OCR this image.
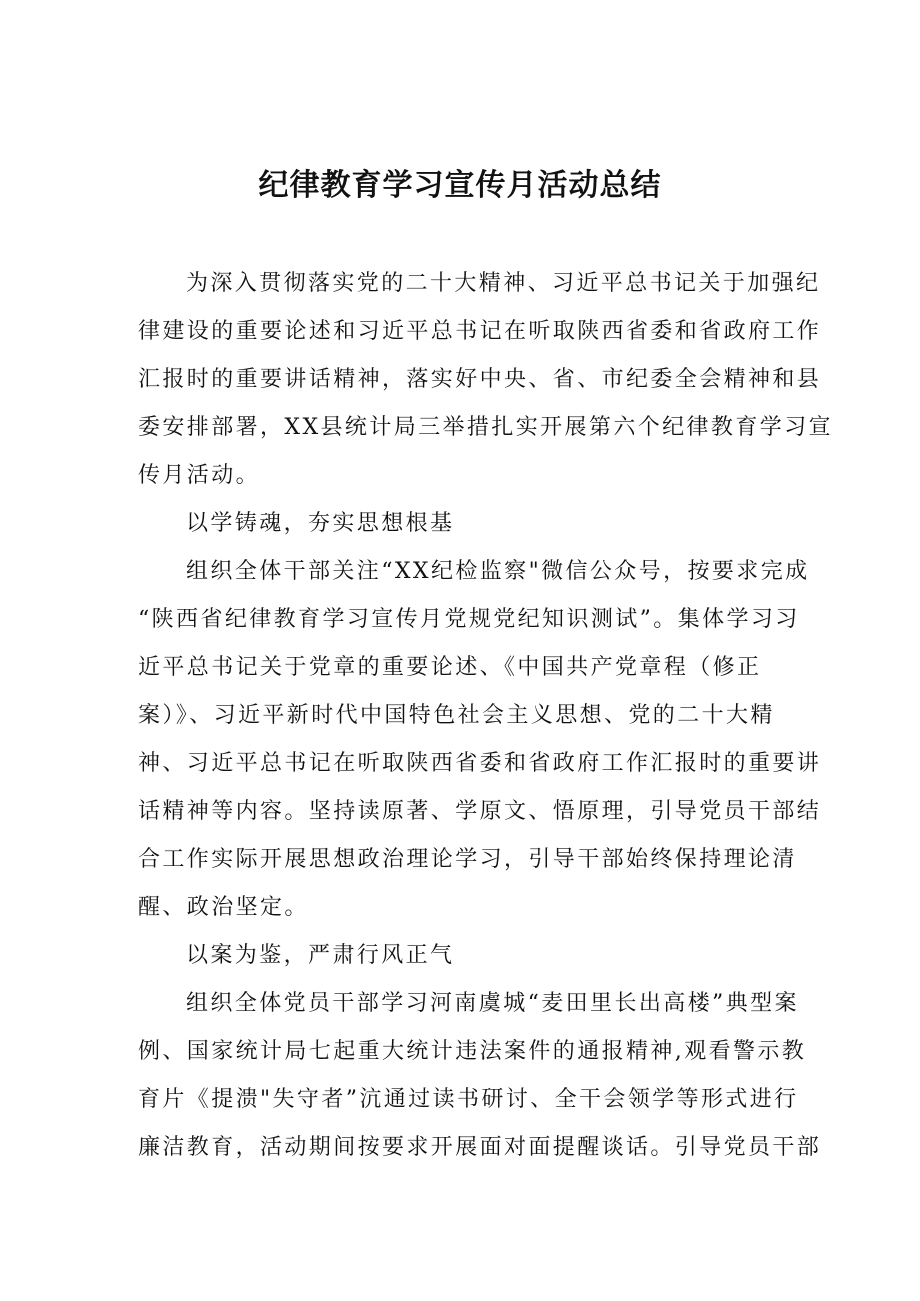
纪律教育学习宣传月活动总结
为深入贯彻落实党的二十大精神、习近平总书记关于加强纪
律建设的重要论述和习近平总书记在听取陕西省委和省政府工作
汇报时的重要讲话精神，落实好中央、省、市纪委全会精神和县
委安排部署，XX县统计局三举措扎实开展第六个纪律教育学习宣
传月活动。
以学铸魂，夯实思想根基
组织全体干部关注“XX纪检监察"微信公众号，按要求完成
“陕西省纪律教育学习宣传月党规党纪知识测试”。集体学习习
近平总书记关于党章的重要论述、《中国共产党章程（修正
案）》、习近平新时代中国特色社会主义思想、党的二十大精
神、习近平总书记在听取陕西省委和省政府工作汇报时的重要讲
话精神等内容。坚持读原著、学原文、悟原理，引导党员干部结
合工作实际开展思想政治理论学习，引导干部始终保持理论清
醒、政治坚定。
以案为鉴，严肃行风正气
组织全体党员干部学习河南虞城“麦田里长出高楼”典型案
例、国家统计局七起重大统计违法案件的通报精神,观看警示教
育片《提溃"失守者”沆通过读书研讨、全干会领学等形式进行
廉洁教育，活动期间按要求开展面对面提醒谈话。引导党员干部
